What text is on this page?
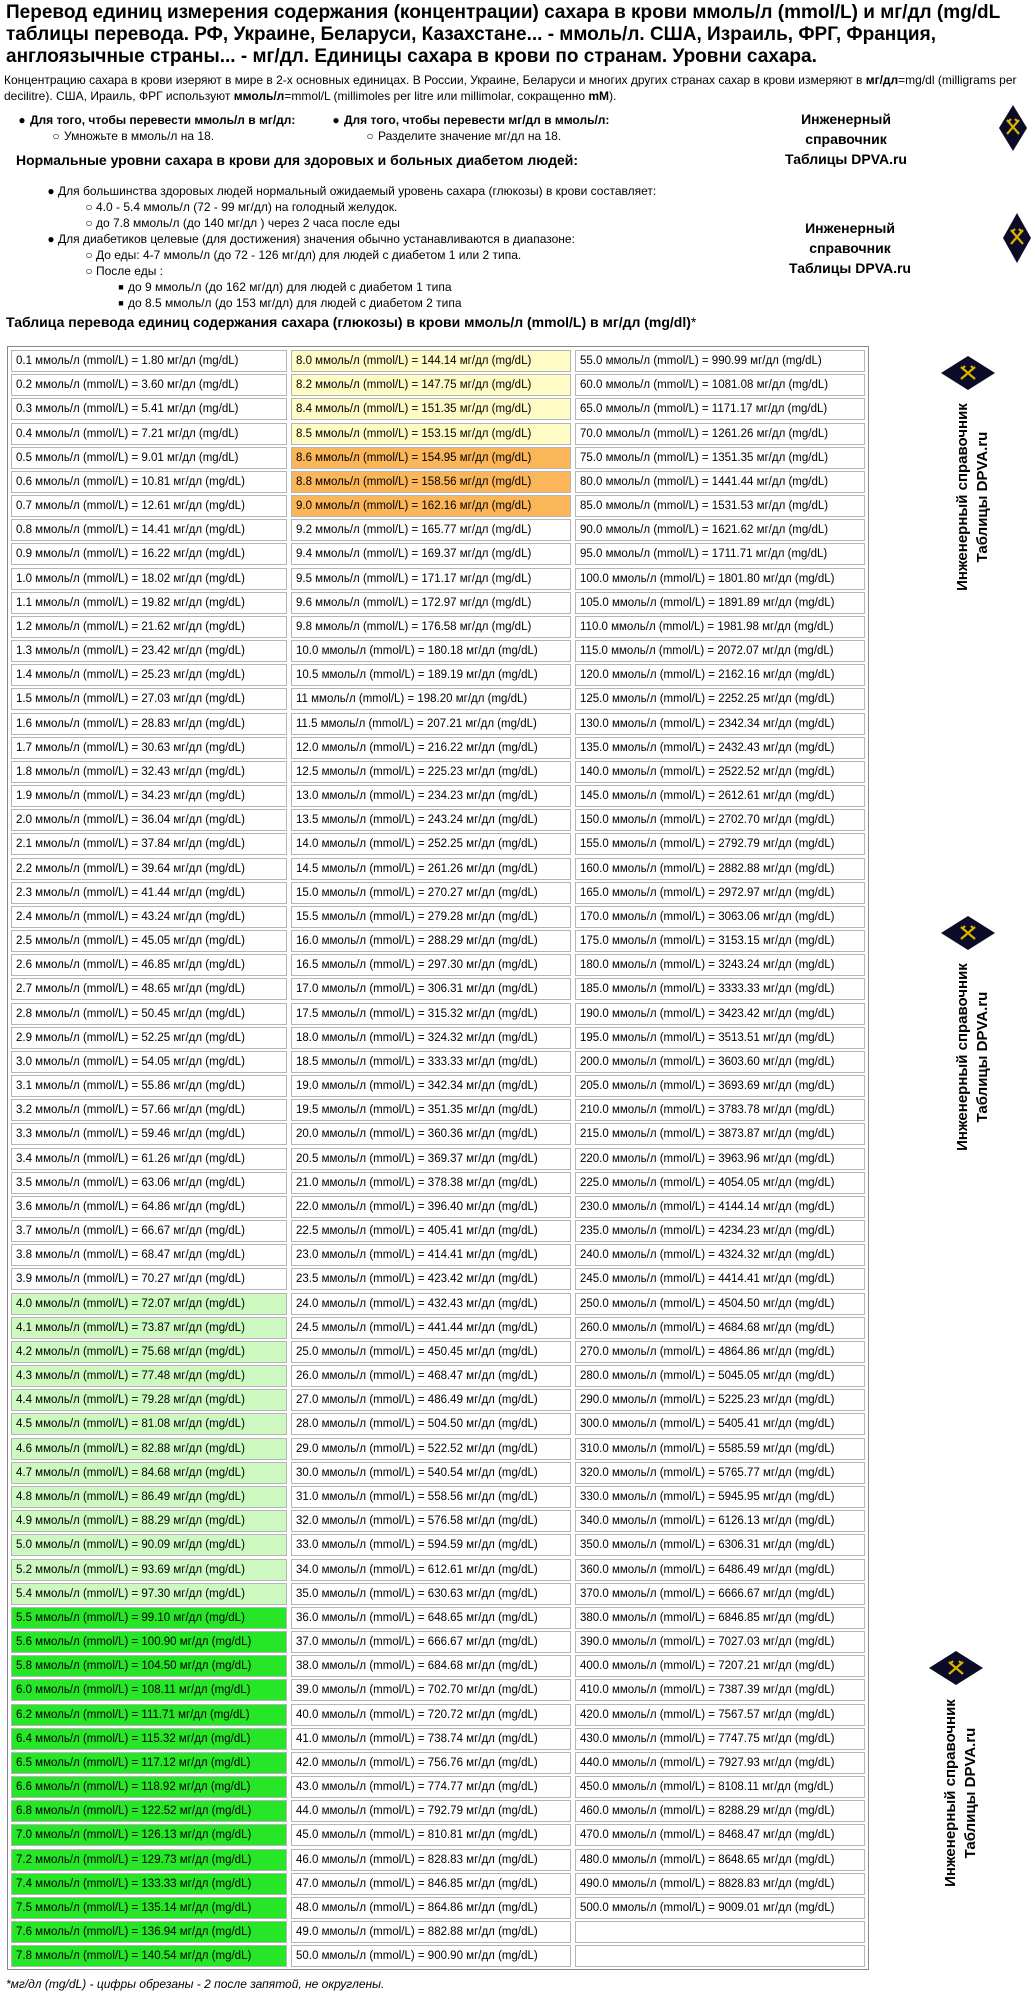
Перевод единиц измерения содержания (концентрации) сахара в крови ммоль/л (mmol/L) и мг/дл (mg/dL таблицы перевода. РФ, Украине, Беларуси, Казахстане... - ммоль/л. США, Израиль, ФРГ, Франция, англоязычные страны... - мг/дл. Единицы сахара в крови по странам. Уровни сахара.
Концентрацию сахара в крови изеряют в мире в 2-х основных единицах. В России, Украине, Беларуси и многих других странах сахар в крови измеряют в мг/дл=mg/dl (milligrams per decilitre). США, Ираиль, ФРГ используют ммоль/л=mmol/L (millimoles per litre или millimolar, сокращенно mM).
● Для того, чтобы перевести ммоль/л в мг/дл:
○ Умножьте в ммоль/л на 18.
● Для того, чтобы перевести мг/дл в ммоль/л:
○ Разделите значение мг/дл на 18.
Нормальные уровни сахара в крови для здоровых и больных диабетом людей:
● Для большинства здоровых людей нормальный ожидаемый уровень сахара (глюкозы) в крови составляет:
○ 4.0 - 5.4 ммоль/л (72 - 99 мг/дл) на голодный желудок.
○ до 7.8 ммоль/л (до 140 мг/дл ) через 2 часа после еды
● Для диабетиков целевые (для достижения) значения обычно устанавливаются в диапазоне:
○ До еды: 4-7 ммоль/л (до 72 - 126 мг/дл) для людей с диабетом 1 или 2 типа.
○ После еды :
■ до 9 ммоль/л (до 162 мг/дл) для людей с диабетом 1 типа
■ до 8.5 ммоль/л (до 153 мг/дл) для людей с диабетом 2 типа
Таблица перевода единиц содержания сахара (глюкозы) в крови ммоль/л (mmol/L) в мг/дл (mg/dl)*
0.1 ммоль/л (mmol/L) = 1.80 мг/дл (mg/dL)
0.2 ммоль/л (mmol/L) = 3.60 мг/дл (mg/dL)
0.3 ммоль/л (mmol/L) = 5.41 мг/дл (mg/dL)
0.4 ммоль/л (mmol/L) = 7.21 мг/дл (mg/dL)
0.5 ммоль/л (mmol/L) = 9.01 мг/дл (mg/dL)
0.6 ммоль/л (mmol/L) = 10.81 мг/дл (mg/dL)
0.7 ммоль/л (mmol/L) = 12.61 мг/дл (mg/dL)
0.8 ммоль/л (mmol/L) = 14.41 мг/дл (mg/dL)
0.9 ммоль/л (mmol/L) = 16.22 мг/дл (mg/dL)
1.0 ммоль/л (mmol/L) = 18.02 мг/дл (mg/dL)
1.1 ммоль/л (mmol/L) = 19.82 мг/дл (mg/dL)
1.2 ммоль/л (mmol/L) = 21.62 мг/дл (mg/dL)
1.3 ммоль/л (mmol/L) = 23.42 мг/дл (mg/dL)
1.4 ммоль/л (mmol/L) = 25.23 мг/дл (mg/dL)
1.5 ммоль/л (mmol/L) = 27.03 мг/дл (mg/dL)
1.6 ммоль/л (mmol/L) = 28.83 мг/дл (mg/dL)
1.7 ммоль/л (mmol/L) = 30.63 мг/дл (mg/dL)
1.8 ммоль/л (mmol/L) = 32.43 мг/дл (mg/dL)
1.9 ммоль/л (mmol/L) = 34.23 мг/дл (mg/dL)
2.0 ммоль/л (mmol/L) = 36.04 мг/дл (mg/dL)
2.1 ммоль/л (mmol/L) = 37.84 мг/дл (mg/dL)
2.2 ммоль/л (mmol/L) = 39.64 мг/дл (mg/dL)
2.3 ммоль/л (mmol/L) = 41.44 мг/дл (mg/dL)
2.4 ммоль/л (mmol/L) = 43.24 мг/дл (mg/dL)
2.5 ммоль/л (mmol/L) = 45.05 мг/дл (mg/dL)
2.6 ммоль/л (mmol/L) = 46.85 мг/дл (mg/dL)
2.7 ммоль/л (mmol/L) = 48.65 мг/дл (mg/dL)
2.8 ммоль/л (mmol/L) = 50.45 мг/дл (mg/dL)
2.9 ммоль/л (mmol/L) = 52.25 мг/дл (mg/dL)
3.0 ммоль/л (mmol/L) = 54.05 мг/дл (mg/dL)
3.1 ммоль/л (mmol/L) = 55.86 мг/дл (mg/dL)
3.2 ммоль/л (mmol/L) = 57.66 мг/дл (mg/dL)
3.3 ммоль/л (mmol/L) = 59.46 мг/дл (mg/dL)
3.4 ммоль/л (mmol/L) = 61.26 мг/дл (mg/dL)
3.5 ммоль/л (mmol/L) = 63.06 мг/дл (mg/dL)
3.6 ммоль/л (mmol/L) = 64.86 мг/дл (mg/dL)
3.7 ммоль/л (mmol/L) = 66.67 мг/дл (mg/dL)
3.8 ммоль/л (mmol/L) = 68.47 мг/дл (mg/dL)
3.9 ммоль/л (mmol/L) = 70.27 мг/дл (mg/dL)
4.0 ммоль/л (mmol/L) = 72.07 мг/дл (mg/dL)
4.1 ммоль/л (mmol/L) = 73.87 мг/дл (mg/dL)
4.2 ммоль/л (mmol/L) = 75.68 мг/дл (mg/dL)
4.3 ммоль/л (mmol/L) = 77.48 мг/дл (mg/dL)
4.4 ммоль/л (mmol/L) = 79.28 мг/дл (mg/dL)
4.5 ммоль/л (mmol/L) = 81.08 мг/дл (mg/dL)
4.6 ммоль/л (mmol/L) = 82.88 мг/дл (mg/dL)
4.7 ммоль/л (mmol/L) = 84.68 мг/дл (mg/dL)
4.8 ммоль/л (mmol/L) = 86.49 мг/дл (mg/dL)
4.9 ммоль/л (mmol/L) = 88.29 мг/дл (mg/dL)
5.0 ммоль/л (mmol/L) = 90.09 мг/дл (mg/dL)
5.2 ммоль/л (mmol/L) = 93.69 мг/дл (mg/dL)
5.4 ммоль/л (mmol/L) = 97.30 мг/дл (mg/dL)
5.5 ммоль/л (mmol/L) = 99.10 мг/дл (mg/dL)
5.6 ммоль/л (mmol/L) = 100.90 мг/дл (mg/dL)
5.8 ммоль/л (mmol/L) = 104.50 мг/дл (mg/dL)
6.0 ммоль/л (mmol/L) = 108.11 мг/дл (mg/dL)
6.2 ммоль/л (mmol/L) = 111.71 мг/дл (mg/dL)
6.4 ммоль/л (mmol/L) = 115.32 мг/дл (mg/dL)
6.5 ммоль/л (mmol/L) = 117.12 мг/дл (mg/dL)
6.6 ммоль/л (mmol/L) = 118.92 мг/дл (mg/dL)
6.8 ммоль/л (mmol/L) = 122.52 мг/дл (mg/dL)
7.0 ммоль/л (mmol/L) = 126.13 мг/дл (mg/dL)
7.2 ммоль/л (mmol/L) = 129.73 мг/дл (mg/dL)
7.4 ммоль/л (mmol/L) = 133.33 мг/дл (mg/dL)
7.5 ммоль/л (mmol/L) = 135.14 мг/дл (mg/dL)
7.6 ммоль/л (mmol/L) = 136.94 мг/дл (mg/dL)
7.8 ммоль/л (mmol/L) = 140.54 мг/дл (mg/dL)
8.0 ммоль/л (mmol/L) = 144.14 мг/дл (mg/dL)
8.2 ммоль/л (mmol/L) = 147.75 мг/дл (mg/dL)
8.4 ммоль/л (mmol/L) = 151.35 мг/дл (mg/dL)
8.5 ммоль/л (mmol/L) = 153.15 мг/дл (mg/dL)
8.6 ммоль/л (mmol/L) = 154.95 мг/дл (mg/dL)
8.8 ммоль/л (mmol/L) = 158.56 мг/дл (mg/dL)
9.0 ммоль/л (mmol/L) = 162.16 мг/дл (mg/dL)
9.2 ммоль/л (mmol/L) = 165.77 мг/дл (mg/dL)
9.4 ммоль/л (mmol/L) = 169.37 мг/дл (mg/dL)
9.5 ммоль/л (mmol/L) = 171.17 мг/дл (mg/dL)
9.6 ммоль/л (mmol/L) = 172.97 мг/дл (mg/dL)
9.8 ммоль/л (mmol/L) = 176.58 мг/дл (mg/dL)
10.0 ммоль/л (mmol/L) = 180.18 мг/дл (mg/dL)
10.5 ммоль/л (mmol/L) = 189.19 мг/дл (mg/dL)
11 ммоль/л (mmol/L) = 198.20 мг/дл (mg/dL)
11.5 ммоль/л (mmol/L) = 207.21 мг/дл (mg/dL)
12.0 ммоль/л (mmol/L) = 216.22 мг/дл (mg/dL)
12.5 ммоль/л (mmol/L) = 225.23 мг/дл (mg/dL)
13.0 ммоль/л (mmol/L) = 234.23 мг/дл (mg/dL)
13.5 ммоль/л (mmol/L) = 243.24 мг/дл (mg/dL)
14.0 ммоль/л (mmol/L) = 252.25 мг/дл (mg/dL)
14.5 ммоль/л (mmol/L) = 261.26 мг/дл (mg/dL)
15.0 ммоль/л (mmol/L) = 270.27 мг/дл (mg/dL)
15.5 ммоль/л (mmol/L) = 279.28 мг/дл (mg/dL)
16.0 ммоль/л (mmol/L) = 288.29 мг/дл (mg/dL)
16.5 ммоль/л (mmol/L) = 297.30 мг/дл (mg/dL)
17.0 ммоль/л (mmol/L) = 306.31 мг/дл (mg/dL)
17.5 ммоль/л (mmol/L) = 315.32 мг/дл (mg/dL)
18.0 ммоль/л (mmol/L) = 324.32 мг/дл (mg/dL)
18.5 ммоль/л (mmol/L) = 333.33 мг/дл (mg/dL)
19.0 ммоль/л (mmol/L) = 342.34 мг/дл (mg/dL)
19.5 ммоль/л (mmol/L) = 351.35 мг/дл (mg/dL)
20.0 ммоль/л (mmol/L) = 360.36 мг/дл (mg/dL)
20.5 ммоль/л (mmol/L) = 369.37 мг/дл (mg/dL)
21.0 ммоль/л (mmol/L) = 378.38 мг/дл (mg/dL)
22.0 ммоль/л (mmol/L) = 396.40 мг/дл (mg/dL)
22.5 ммоль/л (mmol/L) = 405.41 мг/дл (mg/dL)
23.0 ммоль/л (mmol/L) = 414.41 мг/дл (mg/dL)
23.5 ммоль/л (mmol/L) = 423.42 мг/дл (mg/dL)
24.0 ммоль/л (mmol/L) = 432.43 мг/дл (mg/dL)
24.5 ммоль/л (mmol/L) = 441.44 мг/дл (mg/dL)
25.0 ммоль/л (mmol/L) = 450.45 мг/дл (mg/dL)
26.0 ммоль/л (mmol/L) = 468.47 мг/дл (mg/dL)
27.0 ммоль/л (mmol/L) = 486.49 мг/дл (mg/dL)
28.0 ммоль/л (mmol/L) = 504.50 мг/дл (mg/dL)
29.0 ммоль/л (mmol/L) = 522.52 мг/дл (mg/dL)
30.0 ммоль/л (mmol/L) = 540.54 мг/дл (mg/dL)
31.0 ммоль/л (mmol/L) = 558.56 мг/дл (mg/dL)
32.0 ммоль/л (mmol/L) = 576.58 мг/дл (mg/dL)
33.0 ммоль/л (mmol/L) = 594.59 мг/дл (mg/dL)
34.0 ммоль/л (mmol/L) = 612.61 мг/дл (mg/dL)
35.0 ммоль/л (mmol/L) = 630.63 мг/дл (mg/dL)
36.0 ммоль/л (mmol/L) = 648.65 мг/дл (mg/dL)
37.0 ммоль/л (mmol/L) = 666.67 мг/дл (mg/dL)
38.0 ммоль/л (mmol/L) = 684.68 мг/дл (mg/dL)
39.0 ммоль/л (mmol/L) = 702.70 мг/дл (mg/dL)
40.0 ммоль/л (mmol/L) = 720.72 мг/дл (mg/dL)
41.0 ммоль/л (mmol/L) = 738.74 мг/дл (mg/dL)
42.0 ммоль/л (mmol/L) = 756.76 мг/дл (mg/dL)
43.0 ммоль/л (mmol/L) = 774.77 мг/дл (mg/dL)
44.0 ммоль/л (mmol/L) = 792.79 мг/дл (mg/dL)
45.0 ммоль/л (mmol/L) = 810.81 мг/дл (mg/dL)
46.0 ммоль/л (mmol/L) = 828.83 мг/дл (mg/dL)
47.0 ммоль/л (mmol/L) = 846.85 мг/дл (mg/dL)
48.0 ммоль/л (mmol/L) = 864.86 мг/дл (mg/dL)
49.0 ммоль/л (mmol/L) = 882.88 мг/дл (mg/dL)
50.0 ммоль/л (mmol/L) = 900.90 мг/дл (mg/dL)
55.0 ммоль/л (mmol/L) = 990.99 мг/дл (mg/dL)
60.0 ммоль/л (mmol/L) = 1081.08 мг/дл (mg/dL)
65.0 ммоль/л (mmol/L) = 1171.17 мг/дл (mg/dL)
70.0 ммоль/л (mmol/L) = 1261.26 мг/дл (mg/dL)
75.0 ммоль/л (mmol/L) = 1351.35 мг/дл (mg/dL)
80.0 ммоль/л (mmol/L) = 1441.44 мг/дл (mg/dL)
85.0 ммоль/л (mmol/L) = 1531.53 мг/дл (mg/dL)
90.0 ммоль/л (mmol/L) = 1621.62 мг/дл (mg/dL)
95.0 ммоль/л (mmol/L) = 1711.71 мг/дл (mg/dL)
100.0 ммоль/л (mmol/L) = 1801.80 мг/дл (mg/dL)
105.0 ммоль/л (mmol/L) = 1891.89 мг/дл (mg/dL)
110.0 ммоль/л (mmol/L) = 1981.98 мг/дл (mg/dL)
115.0 ммоль/л (mmol/L) = 2072.07 мг/дл (mg/dL)
120.0 ммоль/л (mmol/L) = 2162.16 мг/дл (mg/dL)
125.0 ммоль/л (mmol/L) = 2252.25 мг/дл (mg/dL)
130.0 ммоль/л (mmol/L) = 2342.34 мг/дл (mg/dL)
135.0 ммоль/л (mmol/L) = 2432.43 мг/дл (mg/dL)
140.0 ммоль/л (mmol/L) = 2522.52 мг/дл (mg/dL)
145.0 ммоль/л (mmol/L) = 2612.61 мг/дл (mg/dL)
150.0 ммоль/л (mmol/L) = 2702.70 мг/дл (mg/dL)
155.0 ммоль/л (mmol/L) = 2792.79 мг/дл (mg/dL)
160.0 ммоль/л (mmol/L) = 2882.88 мг/дл (mg/dL)
165.0 ммоль/л (mmol/L) = 2972.97 мг/дл (mg/dL)
170.0 ммоль/л (mmol/L) = 3063.06 мг/дл (mg/dL)
175.0 ммоль/л (mmol/L) = 3153.15 мг/дл (mg/dL)
180.0 ммоль/л (mmol/L) = 3243.24 мг/дл (mg/dL)
185.0 ммоль/л (mmol/L) = 3333.33 мг/дл (mg/dL)
190.0 ммоль/л (mmol/L) = 3423.42 мг/дл (mg/dL)
195.0 ммоль/л (mmol/L) = 3513.51 мг/дл (mg/dL)
200.0 ммоль/л (mmol/L) = 3603.60 мг/дл (mg/dL)
205.0 ммоль/л (mmol/L) = 3693.69 мг/дл (mg/dL)
210.0 ммоль/л (mmol/L) = 3783.78 мг/дл (mg/dL)
215.0 ммоль/л (mmol/L) = 3873.87 мг/дл (mg/dL)
220.0 ммоль/л (mmol/L) = 3963.96 мг/дл (mg/dL)
225.0 ммоль/л (mmol/L) = 4054.05 мг/дл (mg/dL)
230.0 ммоль/л (mmol/L) = 4144.14 мг/дл (mg/dL)
235.0 ммоль/л (mmol/L) = 4234.23 мг/дл (mg/dL)
240.0 ммоль/л (mmol/L) = 4324.32 мг/дл (mg/dL)
245.0 ммоль/л (mmol/L) = 4414.41 мг/дл (mg/dL)
250.0 ммоль/л (mmol/L) = 4504.50 мг/дл (mg/dL)
260.0 ммоль/л (mmol/L) = 4684.68 мг/дл (mg/dL)
270.0 ммоль/л (mmol/L) = 4864.86 мг/дл (mg/dL)
280.0 ммоль/л (mmol/L) = 5045.05 мг/дл (mg/dL)
290.0 ммоль/л (mmol/L) = 5225.23 мг/дл (mg/dL)
300.0 ммоль/л (mmol/L) = 5405.41 мг/дл (mg/dL)
310.0 ммоль/л (mmol/L) = 5585.59 мг/дл (mg/dL)
320.0 ммоль/л (mmol/L) = 5765.77 мг/дл (mg/dL)
330.0 ммоль/л (mmol/L) = 5945.95 мг/дл (mg/dL)
340.0 ммоль/л (mmol/L) = 6126.13 мг/дл (mg/dL)
350.0 ммоль/л (mmol/L) = 6306.31 мг/дл (mg/dL)
360.0 ммоль/л (mmol/L) = 6486.49 мг/дл (mg/dL)
370.0 ммоль/л (mmol/L) = 6666.67 мг/дл (mg/dL)
380.0 ммоль/л (mmol/L) = 6846.85 мг/дл (mg/dL)
390.0 ммоль/л (mmol/L) = 7027.03 мг/дл (mg/dL)
400.0 ммоль/л (mmol/L) = 7207.21 мг/дл (mg/dL)
410.0 ммоль/л (mmol/L) = 7387.39 мг/дл (mg/dL)
420.0 ммоль/л (mmol/L) = 7567.57 мг/дл (mg/dL)
430.0 ммоль/л (mmol/L) = 7747.75 мг/дл (mg/dL)
440.0 ммоль/л (mmol/L) = 7927.93 мг/дл (mg/dL)
450.0 ммоль/л (mmol/L) = 8108.11 мг/дл (mg/dL)
460.0 ммоль/л (mmol/L) = 8288.29 мг/дл (mg/dL)
470.0 ммоль/л (mmol/L) = 8468.47 мг/дл (mg/dL)
480.0 ммоль/л (mmol/L) = 8648.65 мг/дл (mg/dL)
490.0 ммоль/л (mmol/L) = 8828.83 мг/дл (mg/dL)
500.0 ммоль/л (mmol/L) = 9009.01 мг/дл (mg/dL)
*мг/дл (mg/dL) - цифры обрезаны - 2 после запятой, не округлены.
Инженерный справочник
Таблицы DPVA.ru
Инженерный справочник
Таблицы DPVA.ru
Инженерный справочник Таблицы DPVA.ru
Инженерный справочник Таблицы DPVA.ru
Инженерный справочник Таблицы DPVA.ru
